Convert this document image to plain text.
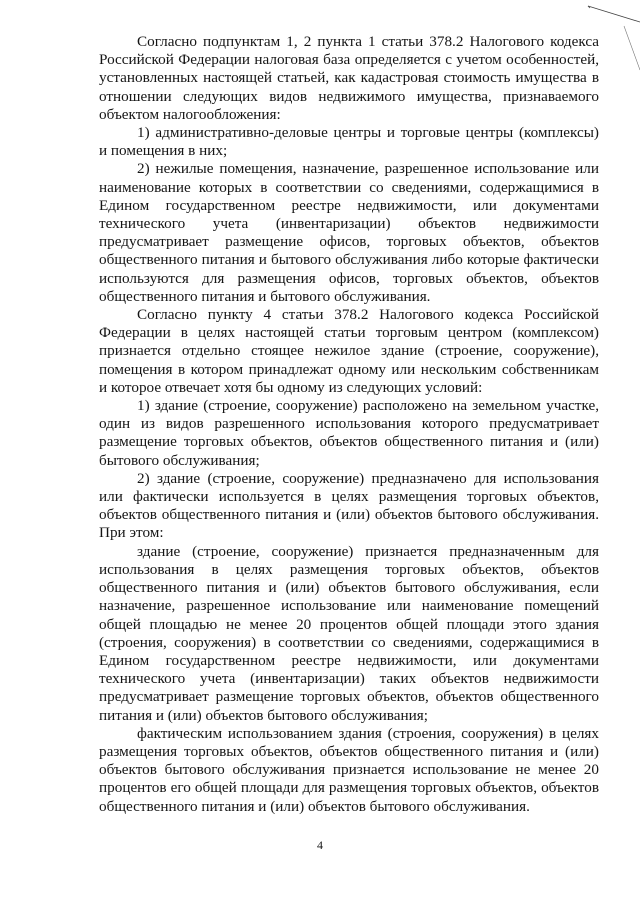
Согласно подпунктам 1, 2 пункта 1 статьи 378.2 Налогового кодекса Российской Федерации налоговая база определяется с учетом особенностей, установленных настоящей статьей, как кадастровая стоимость имущества в отношении следующих видов недвижимого имущества, признаваемого объектом налогообложения:

1) административно-деловые центры и торговые центры (комплексы) и помещения в них;

2) нежилые помещения, назначение, разрешенное использование или наименование которых в соответствии со сведениями, содержащимися в Едином государственном реестре недвижимости, или документами технического учета (инвентаризации) объектов недвижимости предусматривает размещение офисов, торговых объектов, объектов общественного питания и бытового обслуживания либо которые фактически используются для размещения офисов, торговых объектов, объектов общественного питания и бытового обслуживания.

Согласно пункту 4 статьи 378.2 Налогового кодекса Российской Федерации в целях настоящей статьи торговым центром (комплексом) признается отдельно стоящее нежилое здание (строение, сооружение), помещения в котором принадлежат одному или нескольким собственникам и которое отвечает хотя бы одному из следующих условий:

1) здание (строение, сооружение) расположено на земельном участке, один из видов разрешенного использования которого предусматривает размещение торговых объектов, объектов общественного питания и (или) бытового обслуживания;

2) здание (строение, сооружение) предназначено для использования или фактически используется в целях размещения торговых объектов, объектов общественного питания и (или) объектов бытового обслуживания. При этом:

здание (строение, сооружение) признается предназначенным для использования в целях размещения торговых объектов, объектов общественного питания и (или) объектов бытового обслуживания, если назначение, разрешенное использование или наименование помещений общей площадью не менее 20 процентов общей площади этого здания (строения, сооружения) в соответствии со сведениями, содержащимися в Едином государственном реестре недвижимости, или документами технического учета (инвентаризации) таких объектов недвижимости предусматривает размещение торговых объектов, объектов общественного питания и (или) объектов бытового обслуживания;

фактическим использованием здания (строения, сооружения) в целях размещения торговых объектов, объектов общественного питания и (или) объектов бытового обслуживания признается использование не менее 20 процентов его общей площади для размещения торговых объектов, объектов общественного питания и (или) объектов бытового обслуживания.

4
